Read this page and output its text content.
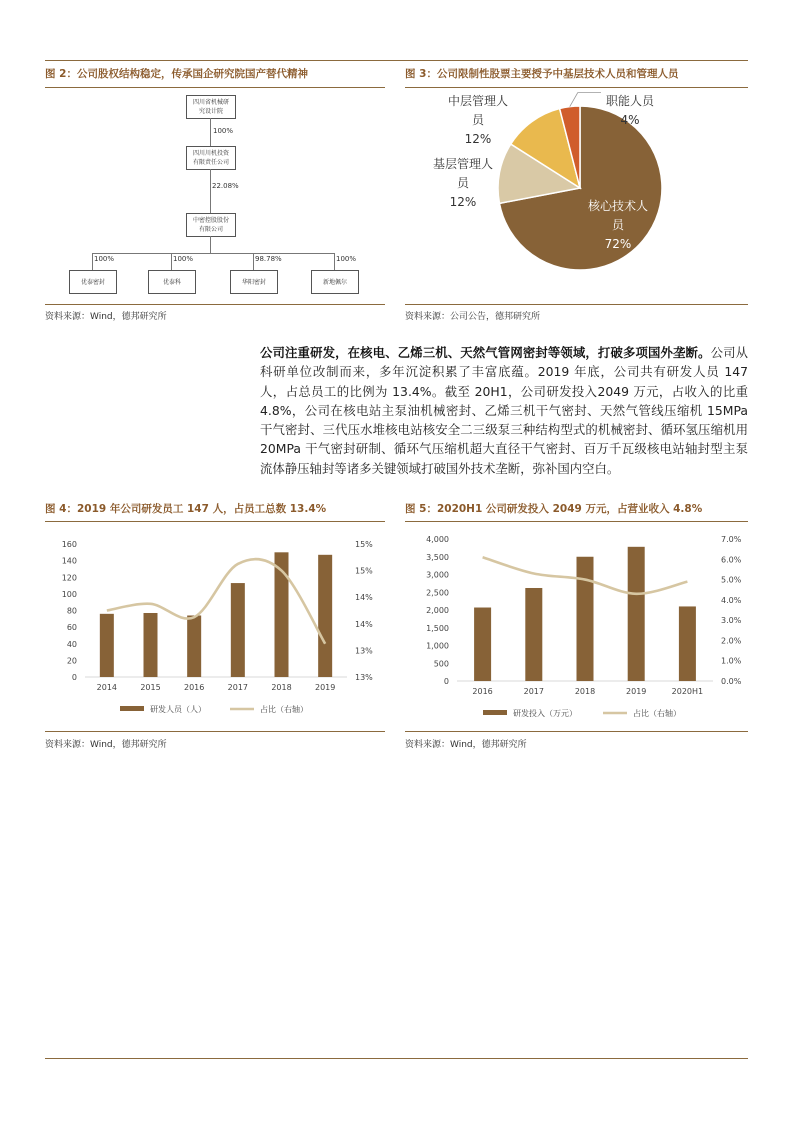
图 2：公司股权结构稳定，传承国企研究院国产替代精神
四川省机械研
究设计院
100%
四川川机投资
有限责任公司
22.08%
中密控股股份
有限公司
100%	100%	98.78%	100%
优泰密封	优泰科	华阳密封	新地佩尔
资料来源：Wind，德邦研究所
图 3：公司限制性股票主要授予中基层技术人员和管理人员
核心技术人
员
72%
基层管理人
员
12%
中层管理人
员
12%
职能人员
4%
资料来源：公司公告，德邦研究所
公司注重研发，在核电、乙烯三机、天然气管网密封等领域，打破多项国外垄断。公司从科研单位改制而来，多年沉淀积累了丰富底蕴。2019 年底，公司共有研发人员 147 人，占总员工的比例为 13.4%。截至 20H1，公司研发投入2049 万元，占收入的比重 4.8%，公司在核电站主泵油机械密封、乙烯三机干气密封、天然气管线压缩机 15MPa 干气密封、三代压水堆核电站核安全二三级泵三种结构型式的机械密封、循环氢压缩机用 20MPa 干气密封研制、循环气压缩机超大直径干气密封、百万千瓦级核电站轴封型主泵流体静压轴封等诸多关键领域打破国外技术垄断，弥补国内空白。
图 4：2019 年公司研发员工 147 人，占员工总数 13.4%
0
20
40
60
80
100
120
140
160
13%
13%
14%
14%
15%
15%
2014	2015	2016	2017	2018	2019
研发人员（人）	占比（右轴）
资料来源：Wind，德邦研究所
图 5：2020H1 公司研发投入 2049 万元，占营业收入 4.8%
0
500
1,000
1,500
2,000
2,500
3,000
3,500
4,000
0.0%
1.0%
2.0%
3.0%
4.0%
5.0%
6.0%
7.0%
2016	2017	2018	2019	2020H1
研发投入（万元）	占比（右轴）
资料来源：Wind，德邦研究所
